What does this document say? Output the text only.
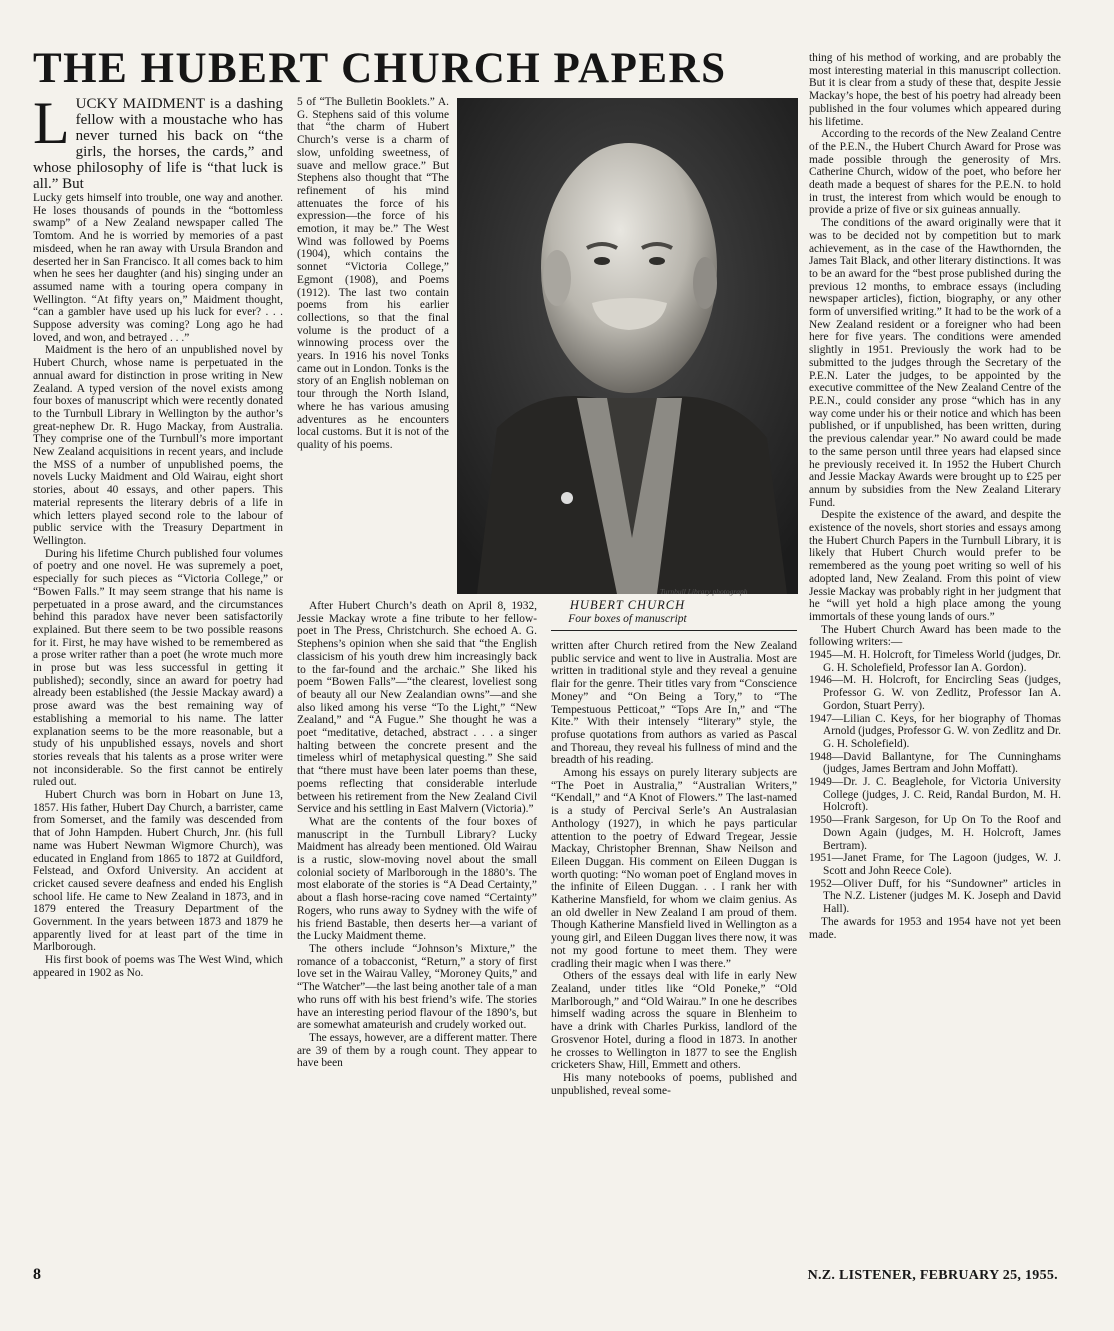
THE HUBERT CHURCH PAPERS

LUCKY MAIDMENT is a dashing fellow with a moustache who has never turned his back on “the girls, the horses, the cards,” and whose philosophy of life is “that luck is all.” But

Lucky gets himself into trouble, one way and another. He loses thousands of pounds in the “bottomless swamp” of a New Zealand newspaper called The Tomtom. And he is worried by memories of a past misdeed, when he ran away with Ursula Brandon and deserted her in San Francisco. It all comes back to him when he sees her daughter (and his) singing under an assumed name with a touring opera company in Wellington. “At fifty years on,” Maidment thought, “can a gambler have used up his luck for ever? . . . Suppose adversity was coming? Long ago he had loved, and won, and betrayed . . .”

Maidment is the hero of an unpublished novel by Hubert Church, whose name is perpetuated in the annual award for distinction in prose writing in New Zealand. A typed version of the novel exists among four boxes of manuscript which were recently donated to the Turnbull Library in Wellington by the author’s great-nephew Dr. R. Hugo Mackay, from Australia. They comprise one of the Turnbull’s more important New Zealand acquisitions in recent years, and include the MSS of a number of unpublished poems, the novels Lucky Maidment and Old Wairau, eight short stories, about 40 essays, and other papers. This material represents the literary debris of a life in which letters played second role to the labour of public service with the Treasury Department in Wellington.

During his lifetime Church published four volumes of poetry and one novel. He was supremely a poet, especially for such pieces as “Victoria College,” or “Bowen Falls.” It may seem strange that his name is perpetuated in a prose award, and the circumstances behind this paradox have never been satisfactorily explained. But there seem to be two possible reasons for it. First, he may have wished to be remembered as a prose writer rather than a poet (he wrote much more in prose but was less successful in getting it published); secondly, since an award for poetry had already been established (the Jessie Mackay award) a prose award was the best remaining way of establishing a memorial to his name. The latter explanation seems to be the more reasonable, but a study of his unpublished essays, novels and short stories reveals that his talents as a prose writer were not inconsiderable. So the first cannot be entirely ruled out.

Hubert Church was born in Hobart on June 13, 1857. His father, Hubert Day Church, a barrister, came from Somerset, and the family was descended from that of John Hampden. Hubert Church, Jnr. (his full name was Hubert Newman Wigmore Church), was educated in England from 1865 to 1872 at Guildford, Felstead, and Oxford University. An accident at cricket caused severe deafness and ended his English school life. He came to New Zealand in 1873, and in 1879 entered the Treasury Department of the Government. In the years between 1873 and 1879 he apparently lived for at least part of the time in Marlborough.

His first book of poems was The West Wind, which appeared in 1902 as No.

5 of “The Bulletin Booklets.” A. G. Stephens said of this volume that “the charm of Hubert Church’s verse is a charm of slow, unfolding sweetness, of suave and mellow grace.” But Stephens also thought that “The refinement of his mind attenuates the force of his expression—the force of his emotion, it may be.” The West Wind was followed by Poems (1904), which contains the sonnet “Victoria College,” Egmont (1908), and Poems (1912). The last two contain poems from his earlier collections, so that the final volume is the product of a winnowing process over the years. In 1916 his novel Tonks came out in London. Tonks is the story of an English nobleman on tour through the North Island, where he has various amusing adventures as he encounters local customs. But it is not of the quality of his poems.

Turnbull Library photograph
HUBERT CHURCH
Four boxes of manuscript

After Hubert Church’s death on April 8, 1932, Jessie Mackay wrote a fine tribute to her fellow-poet in The Press, Christchurch. She echoed A. G. Stephens’s opinion when she said that “the English classicism of his youth drew him increasingly back to the far-found and the archaic.” She liked his poem “Bowen Falls”—“the clearest, loveliest song of beauty all our New Zealandian owns”—and she also liked among his verse “To the Light,” “New Zealand,” and “A Fugue.” She thought he was a poet “meditative, detached, abstract . . . a singer halting between the concrete present and the timeless whirl of metaphysical questing.” She said that “there must have been later poems than these, poems reflecting that considerable interlude between his retirement from the New Zealand Civil Service and his settling in East Malvern (Victoria).”

What are the contents of the four boxes of manuscript in the Turnbull Library? Lucky Maidment has already been mentioned. Old Wairau is a rustic, slow-moving novel about the small colonial society of Marlborough in the 1880’s. The most elaborate of the stories is “A Dead Certainty,” about a flash horse-racing cove named “Certainty” Rogers, who runs away to Sydney with the wife of his friend Bastable, then deserts her—a variant of the Lucky Maidment theme.

The others include “Johnson’s Mixture,” the romance of a tobacconist, “Return,” a story of first love set in the Wairau Valley, “Moroney Quits,” and “The Watcher”—the last being another tale of a man who runs off with his best friend’s wife. The stories have an interesting period flavour of the 1890’s, but are somewhat amateurish and crudely worked out.

The essays, however, are a different matter. There are 39 of them by a rough count. They appear to have been

written after Church retired from the New Zealand public service and went to live in Australia. Most are written in traditional style and they reveal a genuine flair for the genre. Their titles vary from “Conscience Money” and “On Being a Tory,” to “The Tempestuous Petticoat,” “Tops Are In,” and “The Kite.” With their intensely “literary” style, the profuse quotations from authors as varied as Pascal and Thoreau, they reveal his fullness of mind and the breadth of his reading.

Among his essays on purely literary subjects are “The Poet in Australia,” “Australian Writers,” “Kendall,” and “A Knot of Flowers.” The last-named is a study of Percival Serle’s An Australasian Anthology (1927), in which he pays particular attention to the poetry of Edward Tregear, Jessie Mackay, Christopher Brennan, Shaw Neilson and Eileen Duggan. His comment on Eileen Duggan is worth quoting: “No woman poet of England moves in the infinite of Eileen Duggan. . . I rank her with Katherine Mansfield, for whom we claim genius. As an old dweller in New Zealand I am proud of them. Though Katherine Mansfield lived in Wellington as a young girl, and Eileen Duggan lives there now, it was not my good fortune to meet them. They were cradling their magic when I was there.”

Others of the essays deal with life in early New Zealand, under titles like “Old Poneke,” “Old Marlborough,” and “Old Wairau.” In one he describes himself wading across the square in Blenheim to have a drink with Charles Purkiss, landlord of the Grosvenor Hotel, during a flood in 1873. In another he crosses to Wellington in 1877 to see the English cricketers Shaw, Hill, Emmett and others.

His many notebooks of poems, published and unpublished, reveal some-

thing of his method of working, and are probably the most interesting material in this manuscript collection. But it is clear from a study of these that, despite Jessie Mackay’s hope, the best of his poetry had already been published in the four volumes which appeared during his lifetime.

According to the records of the New Zealand Centre of the P.E.N., the Hubert Church Award for Prose was made possible through the generosity of Mrs. Catherine Church, widow of the poet, who before her death made a bequest of shares for the P.E.N. to hold in trust, the interest from which would be enough to provide a prize of five or six guineas annually.

The conditions of the award originally were that it was to be decided not by competition but to mark achievement, as in the case of the Hawthornden, the James Tait Black, and other literary distinctions. It was to be an award for the “best prose published during the previous 12 months, to embrace essays (including newspaper articles), fiction, biography, or any other form of unversified writing.” It had to be the work of a New Zealand resident or a foreigner who had been here for five years. The conditions were amended slightly in 1951. Previously the work had to be submitted to the judges through the Secretary of the P.E.N. Later the judges, to be appointed by the executive committee of the New Zealand Centre of the P.E.N., could consider any prose “which has in any way come under his or their notice and which has been published, or if unpublished, has been written, during the previous calendar year.” No award could be made to the same person until three years had elapsed since he previously received it. In 1952 the Hubert Church and Jessie Mackay Awards were brought up to £25 per annum by subsidies from the New Zealand Literary Fund.

Despite the existence of the award, and despite the existence of the novels, short stories and essays among the Hubert Church Papers in the Turnbull Library, it is likely that Hubert Church would prefer to be remembered as the young poet writing so well of his adopted land, New Zealand. From this point of view Jessie Mackay was probably right in her judgment that he “will yet hold a high place among the young immortals of these young lands of ours.”

The Hubert Church Award has been made to the following writers:—

1945—M. H. Holcroft, for Timeless World (judges, Dr. G. H. Scholefield, Professor Ian A. Gordon).

1946—M. H. Holcroft, for Encircling Seas (judges, Professor G. W. von Zedlitz, Professor Ian A. Gordon, Stuart Perry).

1947—Lilian C. Keys, for her biography of Thomas Arnold (judges, Professor G. W. von Zedlitz and Dr. G. H. Scholefield).

1948—David Ballantyne, for The Cunninghams (judges, James Bertram and John Moffatt).

1949—Dr. J. C. Beaglehole, for Victoria University College (judges, J. C. Reid, Randal Burdon, M. H. Holcroft).

1950—Frank Sargeson, for Up On To the Roof and Down Again (judges, M. H. Holcroft, James Bertram).

1951—Janet Frame, for The Lagoon (judges, W. J. Scott and John Reece Cole).

1952—Oliver Duff, for his “Sundowner” articles in The N.Z. Listener (judges M. K. Joseph and David Hall).

The awards for 1953 and 1954 have not yet been made.

8	N.Z. LISTENER, FEBRUARY 25, 1955.
